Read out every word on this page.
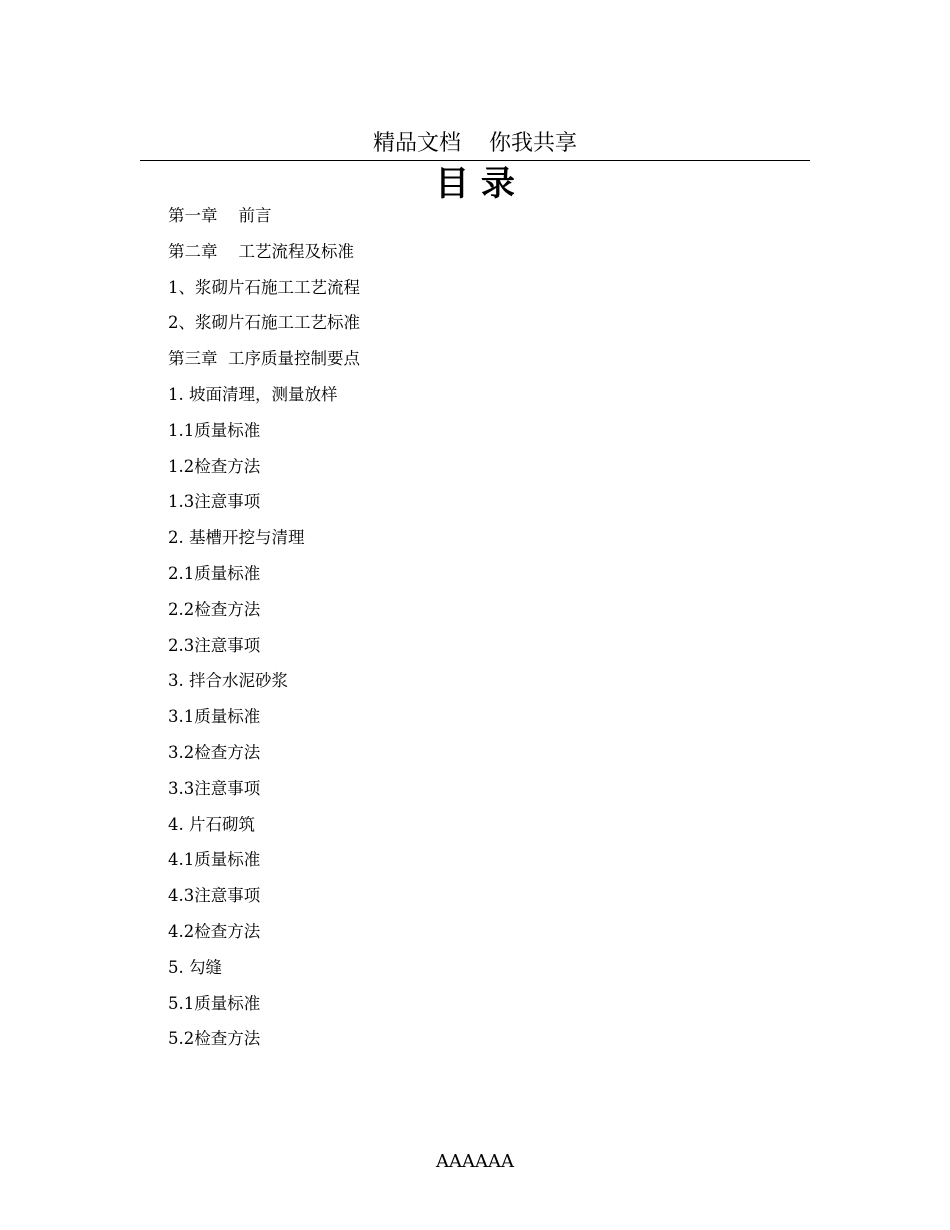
精品文档    你我共享
目 录
第一章    前言
第二章    工艺流程及标准
1、浆砌片石施工工艺流程
2、浆砌片石施工工艺标准
第三章  工序质量控制要点
1. 坡面清理，测量放样
1.1质量标准
1.2检查方法
1.3注意事项
2. 基槽开挖与清理
2.1质量标准
2.2检查方法
2.3注意事项
3. 拌合水泥砂浆
3.1质量标准
3.2检查方法
3.3注意事项
4. 片石砌筑
4.1质量标准
4.3注意事项
4.2检查方法
5. 勾缝
5.1质量标准
5.2检查方法
AAAAAA
